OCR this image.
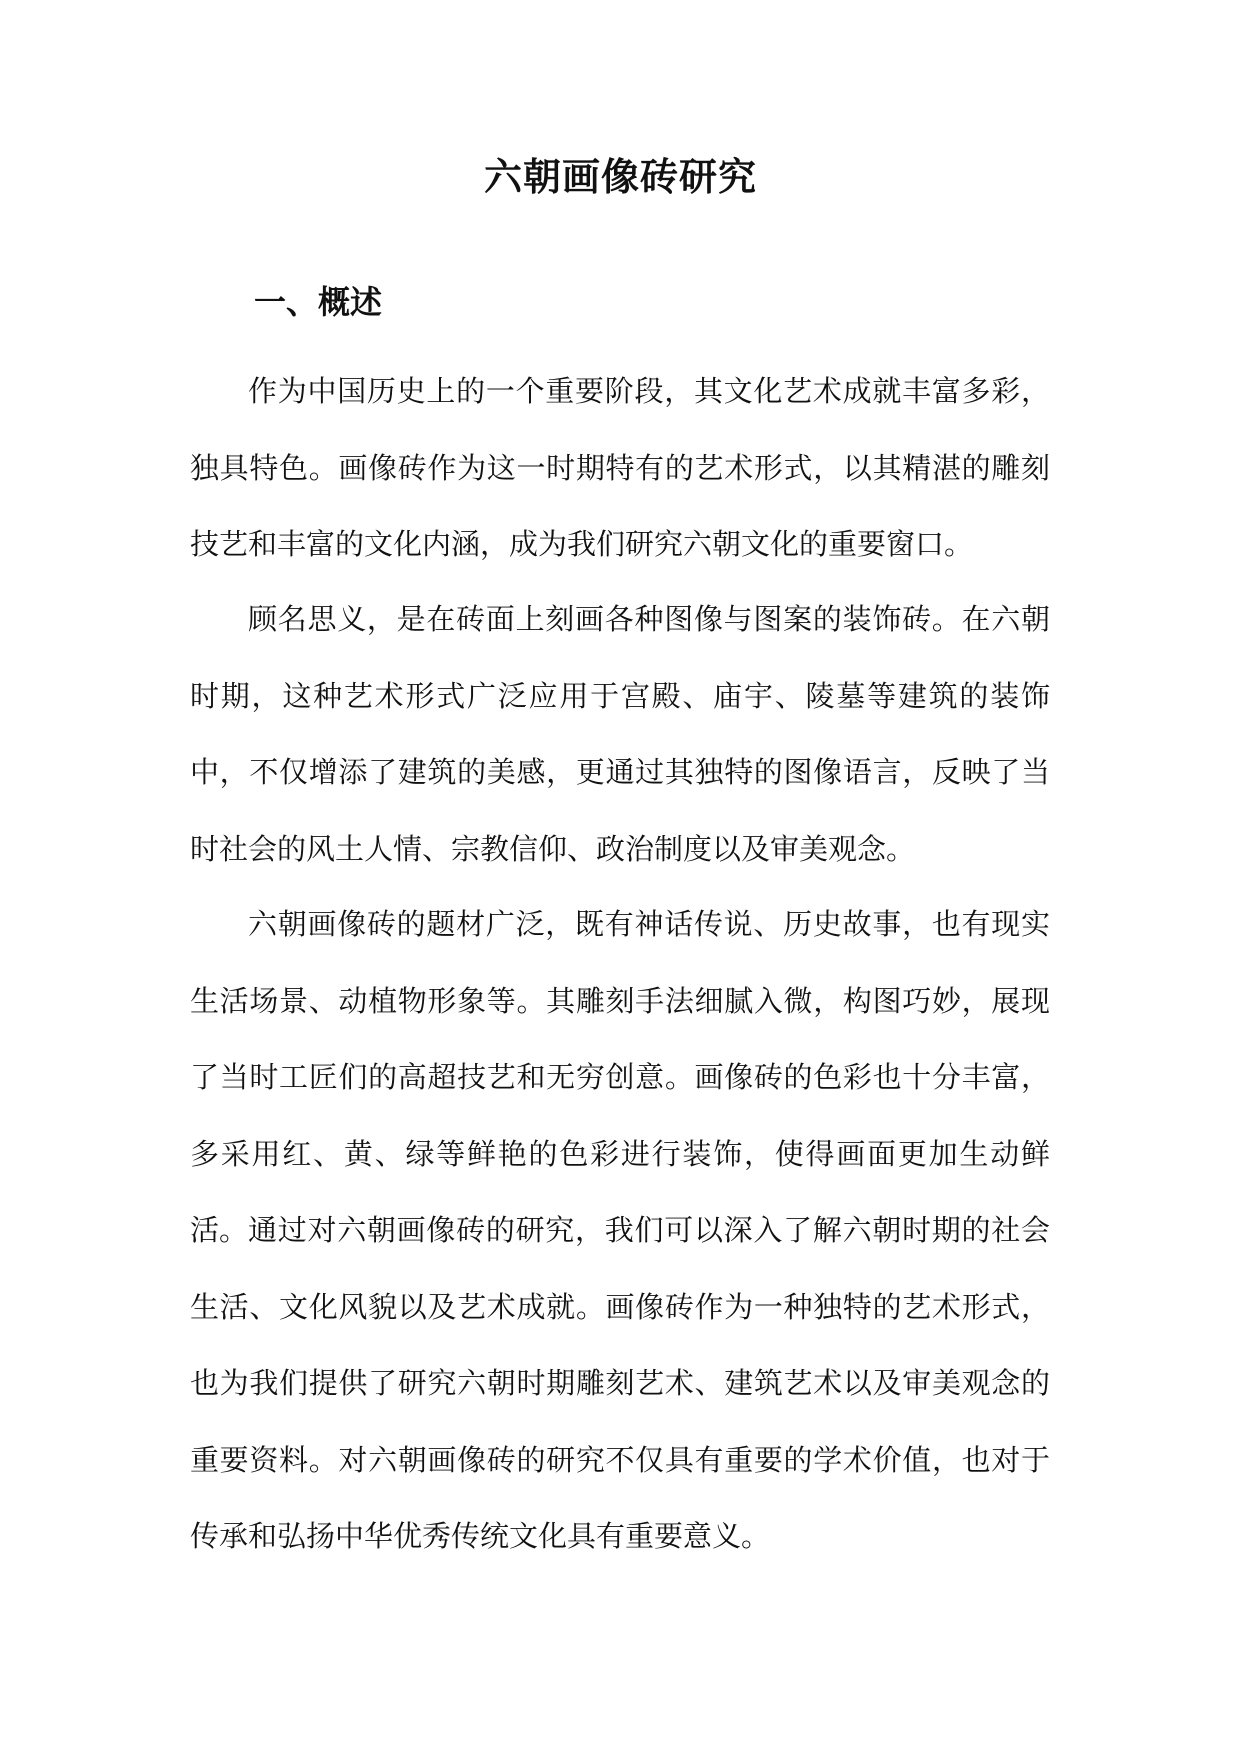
六朝画像砖研究
一、概述

作为中国历史上的一个重要阶段，其文化艺术成就丰富多彩，独具特色。画像砖作为这一时期特有的艺术形式，以其精湛的雕刻技艺和丰富的文化内涵，成为我们研究六朝文化的重要窗口。

顾名思义，是在砖面上刻画各种图像与图案的装饰砖。在六朝时期，这种艺术形式广泛应用于宫殿、庙宇、陵墓等建筑的装饰中，不仅增添了建筑的美感，更通过其独特的图像语言，反映了当时社会的风土人情、宗教信仰、政治制度以及审美观念。

六朝画像砖的题材广泛，既有神话传说、历史故事，也有现实生活场景、动植物形象等。其雕刻手法细腻入微，构图巧妙，展现了当时工匠们的高超技艺和无穷创意。画像砖的色彩也十分丰富，多采用红、黄、绿等鲜艳的色彩进行装饰，使得画面更加生动鲜活。 通过对六朝画像砖的研究，我们可以深入了解六朝时期的社会生活、文化风貌以及艺术成就。画像砖作为一种独特的艺术形式，也为我们提供了研究六朝时期雕刻艺术、建筑艺术以及审美观念的重要资料。对六朝画像砖的研究不仅具有重要的学术价值，也对于传承和弘扬中华优秀传统文化具有重要意义。
